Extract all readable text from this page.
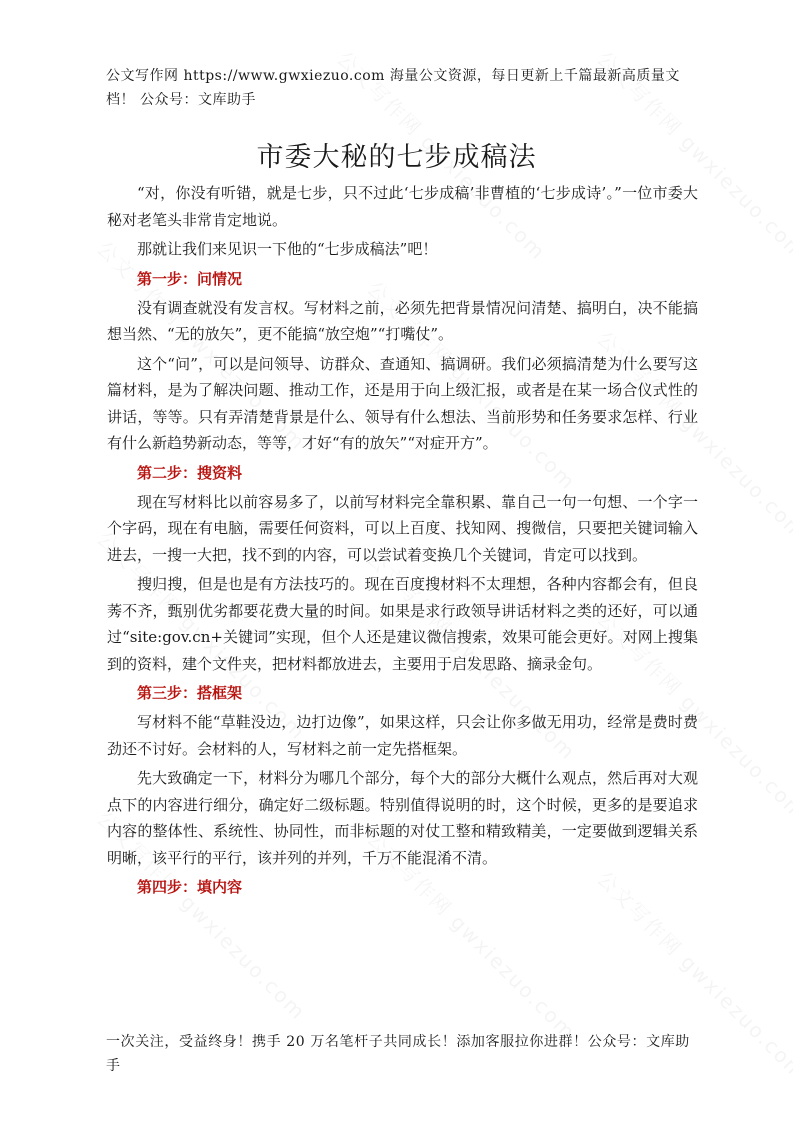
公文写作网 https://www.gwxiezuo.com 海量公文资源，每日更新上千篇最新高质量文档！ 公众号：文库助手
市委大秘的七步成稿法

“对，你没有听错，就是七步，只不过此‘七步成稿’非曹植的‘七步成诗’。”一位市委大秘对老笔头非常肯定地说。

那就让我们来见识一下他的“七步成稿法”吧！

第一步：问情况

没有调查就没有发言权。写材料之前，必须先把背景情况问清楚、搞明白，决不能搞想当然、“无的放矢”，更不能搞“放空炮”“打嘴仗”。

这个“问”，可以是问领导、访群众、查通知、搞调研。我们必须搞清楚为什么要写这篇材料，是为了解决问题、推动工作，还是用于向上级汇报，或者是在某一场合仪式性的讲话，等等。只有弄清楚背景是什么、领导有什么想法、当前形势和任务要求怎样、行业有什么新趋势新动态，等等，才好“有的放矢”“对症开方”。

第二步：搜资料

现在写材料比以前容易多了，以前写材料完全靠积累、靠自己一句一句想、一个字一个字码，现在有电脑，需要任何资料，可以上百度、找知网、搜微信，只要把关键词输入进去，一搜一大把，找不到的内容，可以尝试着变换几个关键词，肯定可以找到。

搜归搜，但是也是有方法技巧的。现在百度搜材料不太理想，各种内容都会有，但良莠不齐，甄别优劣都要花费大量的时间。如果是求行政领导讲话材料之类的还好，可以通过“site:gov.cn+关键词”实现，但个人还是建议微信搜索，效果可能会更好。对网上搜集到的资料，建个文件夹，把材料都放进去，主要用于启发思路、摘录金句。

第三步：搭框架

写材料不能“草鞋没边，边打边像”，如果这样，只会让你多做无用功，经常是费时费劲还不讨好。会材料的人，写材料之前一定先搭框架。

先大致确定一下，材料分为哪几个部分，每个大的部分大概什么观点，然后再对大观点下的内容进行细分，确定好二级标题。特别值得说明的时，这个时候，更多的是要追求内容的整体性、系统性、协同性，而非标题的对仗工整和精致精美，一定要做到逻辑关系明晰，该平行的平行，该并列的并列，千万不能混淆不清。

第四步：填内容

一次关注，受益终身！携手 20 万名笔杆子共同成长！添加客服拉你进群！公众号：文库助手
